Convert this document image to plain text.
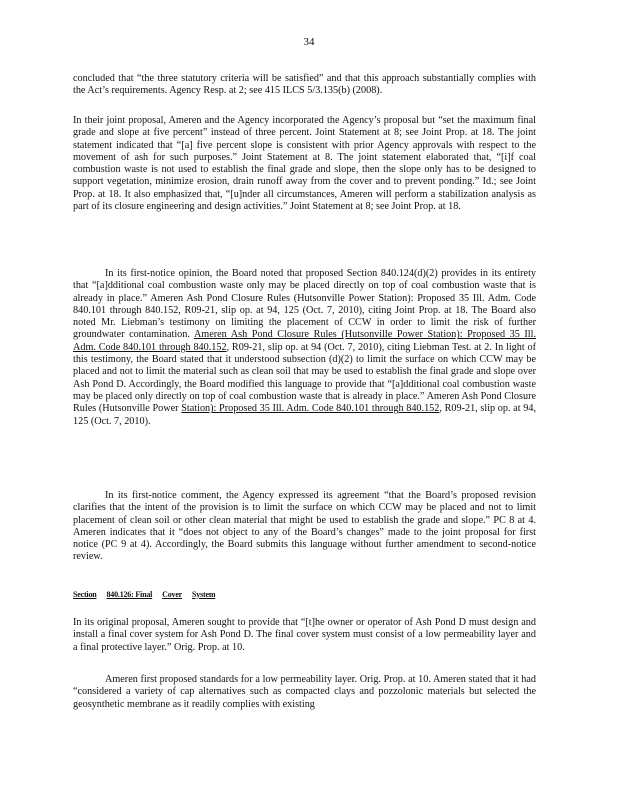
34

concluded that “the three statutory criteria will be satisfied” and that this approach substantially complies with the Act’s requirements. Agency Resp. at 2; see 415 ILCS 5/3.135(b) (2008).

In their joint proposal, Ameren and the Agency incorporated the Agency’s proposal but “set the maximum final grade and slope at five percent” instead of three percent. Joint Statement at 8; see Joint Prop. at 18. The joint statement indicated that “[a] five percent slope is consistent with prior Agency approvals with respect to the movement of ash for such purposes.” Joint Statement at 8. The joint statement elaborated that, “[i]f coal combustion waste is not used to establish the final grade and slope, then the slope only has to be designed to support vegetation, minimize erosion, drain runoff away from the cover and to prevent ponding.” Id.; see Joint Prop. at 18. It also emphasized that, “[u]nder all circumstances, Ameren will perform a stabilization analysis as part of its closure engineering and design activities.” Joint Statement at 8; see Joint Prop. at 18.

In its first-notice opinion, the Board noted that proposed Section 840.124(d)(2) provides in its entirety that “[a]dditional coal combustion waste only may be placed directly on top of coal combustion waste that is already in place.” Ameren Ash Pond Closure Rules (Hutsonville Power Station): Proposed 35 Ill. Adm. Code 840.101 through 840.152, R09-21, slip op. at 94, 125 (Oct. 7, 2010), citing Joint Prop. at 18. The Board also noted Mr. Liebman’s testimony on limiting the placement of CCW in order to limit the risk of further groundwater contamination. Ameren Ash Pond Closure Rules (Hutsonville Power Station): Proposed 35 Ill. Adm. Code 840.101 through 840.152, R09-21, slip op. at 94 (Oct. 7, 2010), citing Liebman Test. at 2. In light of this testimony, the Board stated that it understood subsection (d)(2) to limit the surface on which CCW may be placed and not to limit the material such as clean soil that may be used to establish the final grade and slope over Ash Pond D. Accordingly, the Board modified this language to provide that “[a]dditional coal combustion waste may be placed only directly on top of coal combustion waste that is already in place.” Ameren Ash Pond Closure Rules (Hutsonville Power Station): Proposed 35 Ill. Adm. Code 840.101 through 840.152, R09-21, slip op. at 94, 125 (Oct. 7, 2010).

In its first-notice comment, the Agency expressed its agreement “that the Board’s proposed revision clarifies that the intent of the provision is to limit the surface on which CCW may be placed and not to limit placement of clean soil or other clean material that might be used to establish the grade and slope.” PC 8 at 4. Ameren indicates that it “does not object to any of the Board’s changes” made to the joint proposal for first notice (PC 9 at 4). Accordingly, the Board submits this language without further amendment to second-notice review.

Section 840.126: Final Cover System

In its original proposal, Ameren sought to provide that “[t]he owner or operator of Ash Pond D must design and install a final cover system for Ash Pond D. The final cover system must consist of a low permeability layer and a final protective layer.” Orig. Prop. at 10.

Ameren first proposed standards for a low permeability layer. Orig. Prop. at 10. Ameren stated that it had “considered a variety of cap alternatives such as compacted clays and pozzolonic materials but selected the geosynthetic membrane as it readily complies with existing
